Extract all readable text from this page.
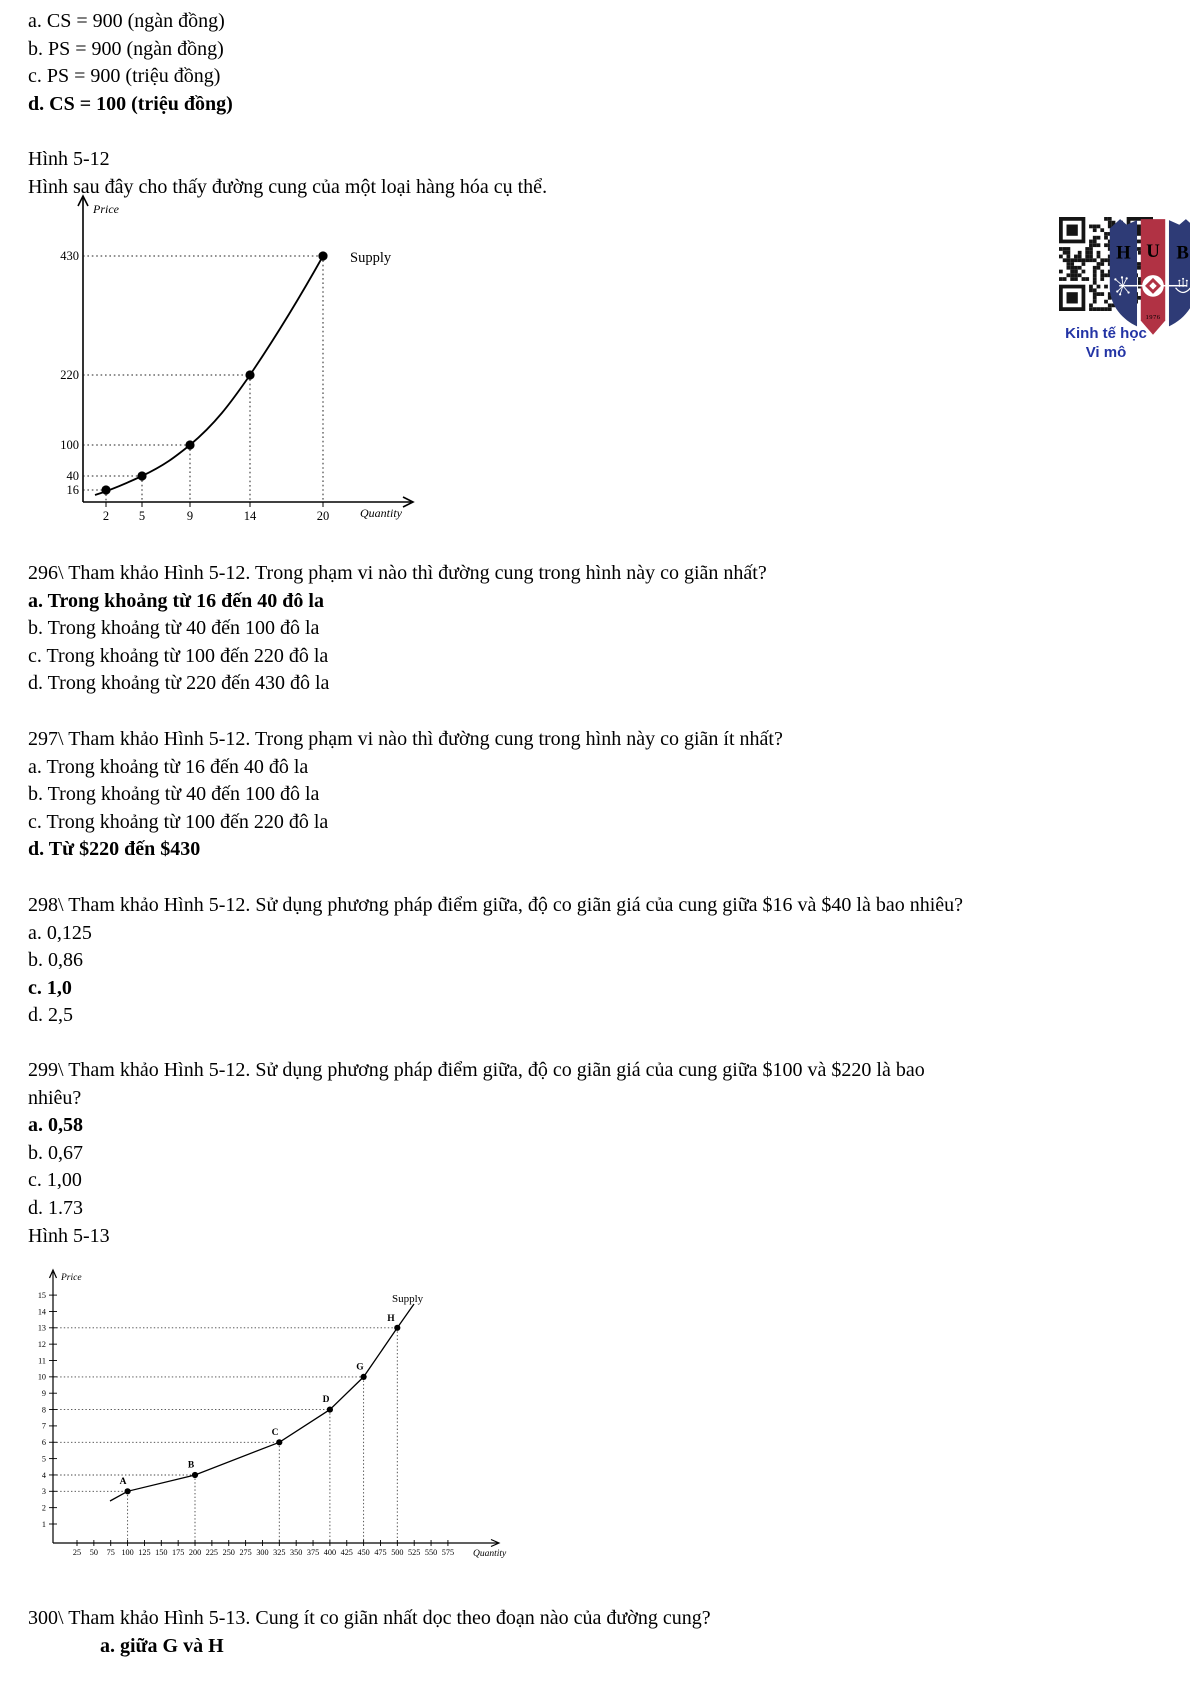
a. CS = 900 (ngàn đồng)
b. PS = 900 (ngàn đồng)
c. PS = 900 (triệu đồng)
d. CS = 100 (triệu đồng)
Hình 5-12
Hình sau đây cho thấy đường cung của một loại hàng hóa cụ thể.
Price
Quantity
16
40
100
220
430
2 5	9	14	20
Supply	H U B
1976
Kinh tế học
Vi mô
296\ Tham khảo Hình 5-12. Trong phạm vi nào thì đường cung trong hình này co giãn nhất?
a. Trong khoảng từ 16 đến 40 đô la
b. Trong khoảng từ 40 đến 100 đô la
c. Trong khoảng từ 100 đến 220 đô la
d. Trong khoảng từ 220 đến 430 đô la
297\ Tham khảo Hình 5-12. Trong phạm vi nào thì đường cung trong hình này co giãn ít nhất?
a. Trong khoảng từ 16 đến 40 đô la
b. Trong khoảng từ 40 đến 100 đô la
c. Trong khoảng từ 100 đến 220 đô la
d. Từ $220 đến $430
298\ Tham khảo Hình 5-12. Sử dụng phương pháp điểm giữa, độ co giãn giá của cung giữa $16 và $40 là bao nhiêu?
a. 0,125
b. 0,86
c. 1,0
d. 2,5
299\ Tham khảo Hình 5-12. Sử dụng phương pháp điểm giữa, độ co giãn giá của cung giữa $100 và $220 là bao
nhiêu?
a. 0,58
b. 0,67
c. 1,00
d. 1.73
Hình 5-13
Price
Quantity
A
B
C
D
G
H
Supply
25 50 75 100 125 150 175 200 225 250 275 300 325 350 375 400 425 450 475 500 525 550 575
1
2
3
4
5
6
7
8
9
10
11
12
13
14
15
300\ Tham khảo Hình 5-13. Cung ít co giãn nhất dọc theo đoạn nào của đường cung?
a. giữa G và H
